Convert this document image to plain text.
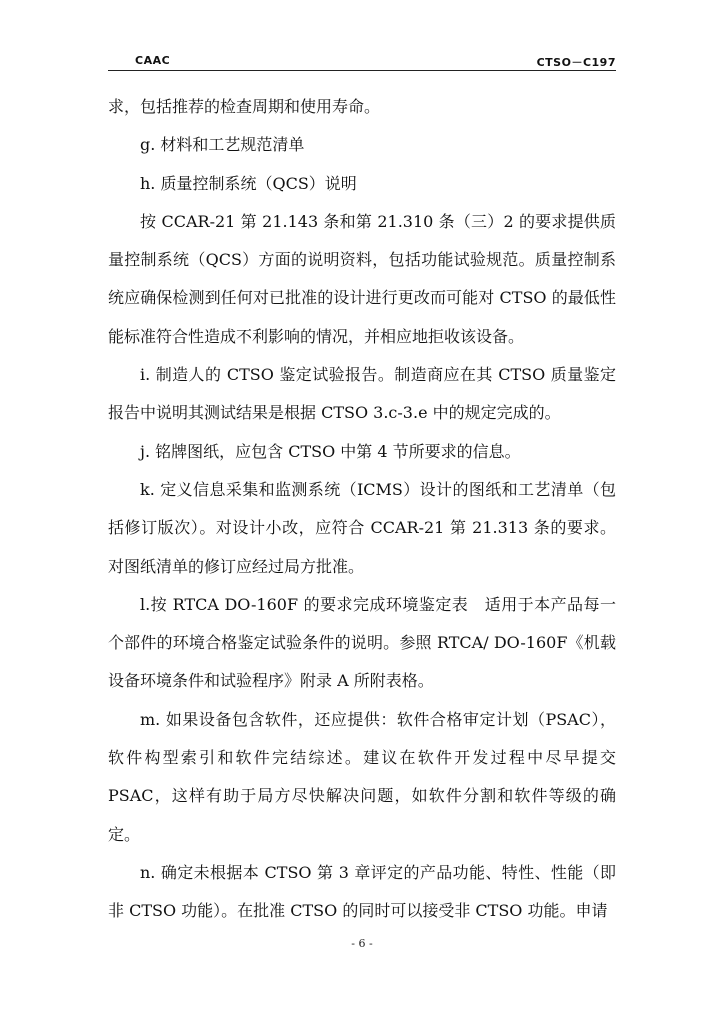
CAAC	CTSO－C197

求，包括推荐的检查周期和使用寿命。

g. 材料和工艺规范清单

h. 质量控制系统（QCS）说明

按 CCAR-21 第 21.143 条和第 21.310 条（三）2 的要求提供质量控制系统（QCS）方面的说明资料，包括功能试验规范。质量控制系统应确保检测到任何对已批准的设计进行更改而可能对 CTSO 的最低性能标准符合性造成不利影响的情况，并相应地拒收该设备。

i. 制造人的 CTSO 鉴定试验报告。制造商应在其 CTSO 质量鉴定报告中说明其测试结果是根据 CTSO 3.c-3.e 中的规定完成的。

j. 铭牌图纸，应包含 CTSO 中第 4 节所要求的信息。

k. 定义信息采集和监测系统（ICMS）设计的图纸和工艺清单（包括修订版次）。对设计小改，应符合 CCAR-21 第 21.313 条的要求。对图纸清单的修订应经过局方批准。

l.按 RTCA DO-160F 的要求完成环境鉴定表　适用于本产品每一个部件的环境合格鉴定试验条件的说明。参照 RTCA/ DO-160F《机载设备环境条件和试验程序》附录 A 所附表格。

m. 如果设备包含软件，还应提供：软件合格审定计划（PSAC），软件构型索引和软件完结综述。建议在软件开发过程中尽早提交 PSAC，这样有助于局方尽快解决问题，如软件分割和软件等级的确定。

n. 确定未根据本 CTSO 第 3 章评定的产品功能、特性、性能（即非 CTSO 功能）。在批准 CTSO 的同时可以接受非 CTSO 功能。申请

- 6 -
